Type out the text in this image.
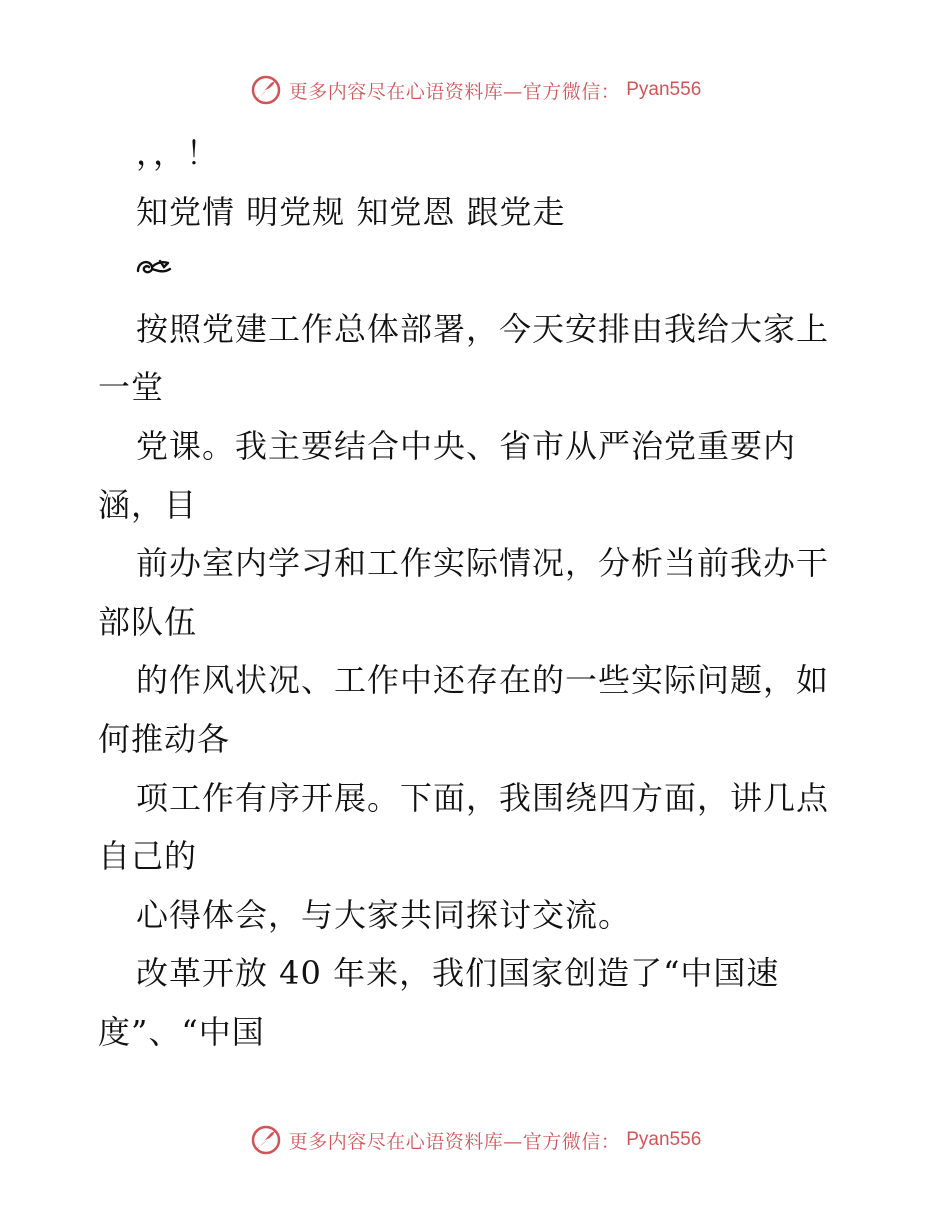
更多内容尽在心语资料库—官方微信： Pyan556
，，！
知党情 明党规 知党恩 跟党走
按照党建工作总体部署，今天安排由我给大家上
一堂
党课。我主要结合中央、省市从严治党重要内
涵，目
前办室内学习和工作实际情况，分析当前我办干
部队伍
的作风状况、工作中还存在的一些实际问题，如
何推动各
项工作有序开展。下面，我围绕四方面，讲几点
自己的
心得体会，与大家共同探讨交流。
改革开放 40 年来，我们国家创造了“中国速
度”、“中国
更多内容尽在心语资料库—官方微信： Pyan556
